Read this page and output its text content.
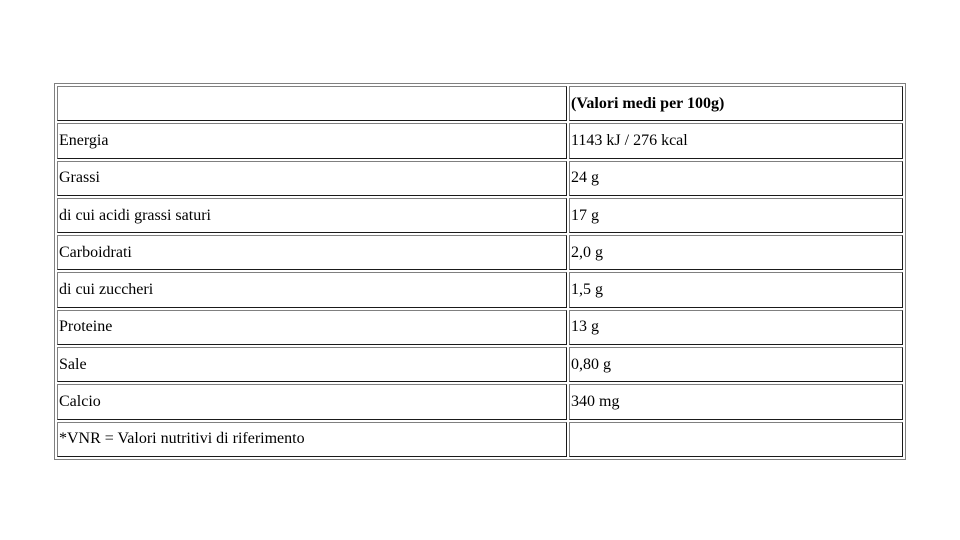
	(Valori medi per 100g)
Energia	1143 kJ / 276 kcal
Grassi	24 g
di cui acidi grassi saturi	17 g
Carboidrati	2,0 g
di cui zuccheri	1,5 g
Proteine	13 g
Sale	0,80 g
Calcio	340 mg
*VNR = Valori nutritivi di riferimento	
